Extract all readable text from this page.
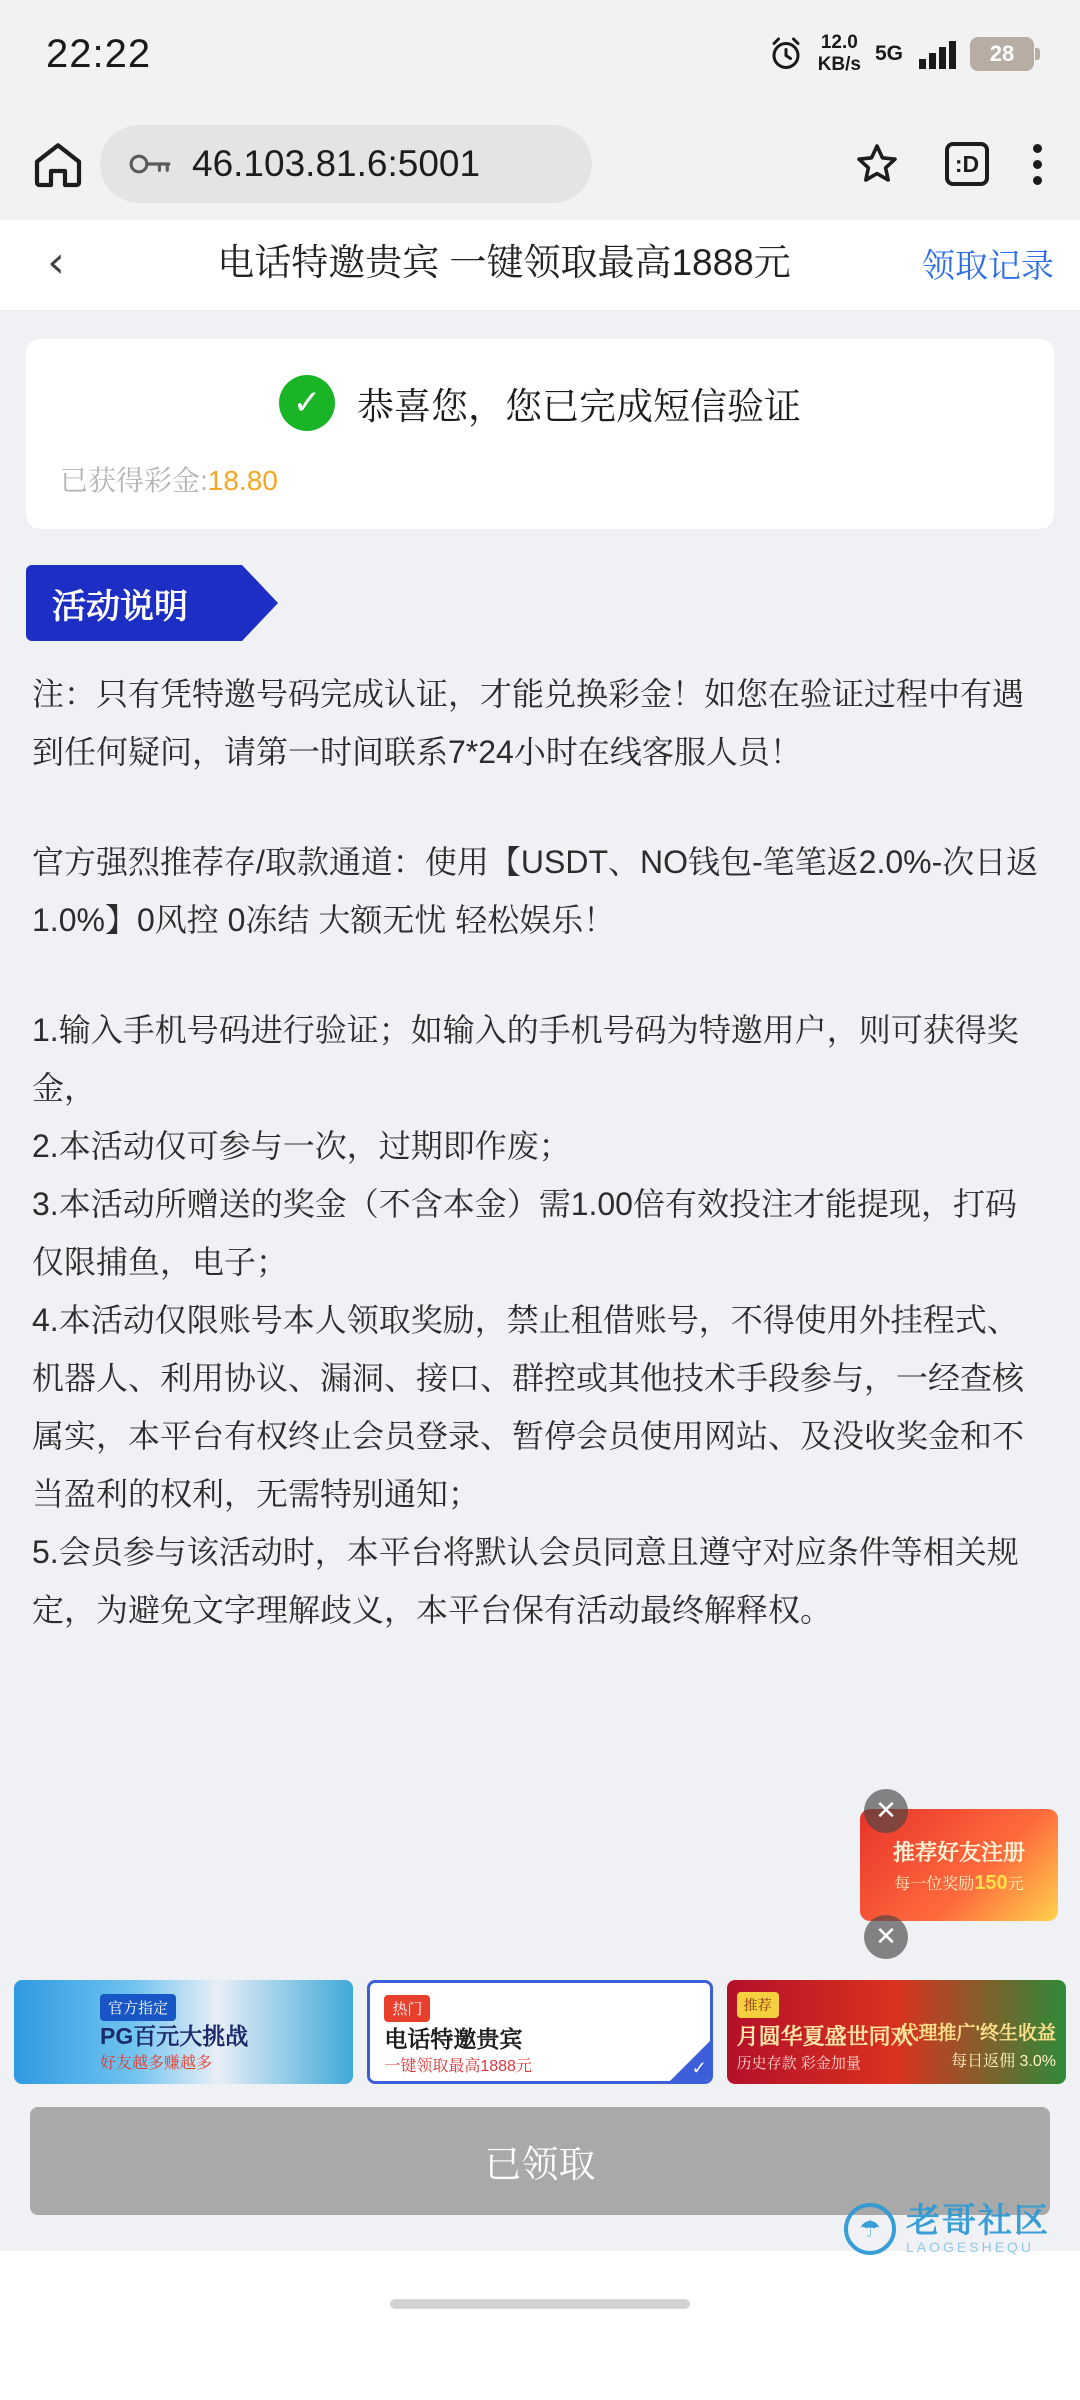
22:22	12.0
KB/s 5G	28
46.103.81.6:5001	:D
‹	电话特邀贵宾 一键领取最高1888元	领取记录
✓ 恭喜您，您已完成短信验证
已获得彩金:18.80
活动说明

注：只有凭特邀号码完成认证，才能兑换彩金！如您在验证过程中有遇到任何疑问，请第一时间联系7*24小时在线客服人员！

官方强烈推荐存/取款通道：使用【USDT、NO钱包-笔笔返2.0%-次日返1.0%】0风控 0冻结 大额无忧 轻松娱乐！

1.输入手机号码进行验证；如输入的手机号码为特邀用户，则可获得奖金，

2.本活动仅可参与一次，过期即作废；

3.本活动所赠送的奖金（不含本金）需1.00倍有效投注才能提现，打码仅限捕鱼，电子；

4.本活动仅限账号本人领取奖励，禁止租借账号，不得使用外挂程式、机器人、利用协议、漏洞、接口、群控或其他技术手段参与，一经查核属实，本平台有权终止会员登录、暂停会员使用网站、及没收奖金和不当盈利的权利，无需特别通知；

5.会员参与该活动时，本平台将默认会员同意且遵守对应条件等相关规定，为避免文字理解歧义，本平台保有活动最终解释权。

推荐好友注册
每一位奖励150元
✕
✕
官方指定
PG百元大挑战
好友越多赚越多
热门
电话特邀贵宾
一键领取最高1888元	✓
推荐
月圆华夏盛世同欢
历史存款 彩金加量
代理推广'终生收益
每日返佣 3.0%
已领取
☂ 老哥社区
LAOGESHEQU
